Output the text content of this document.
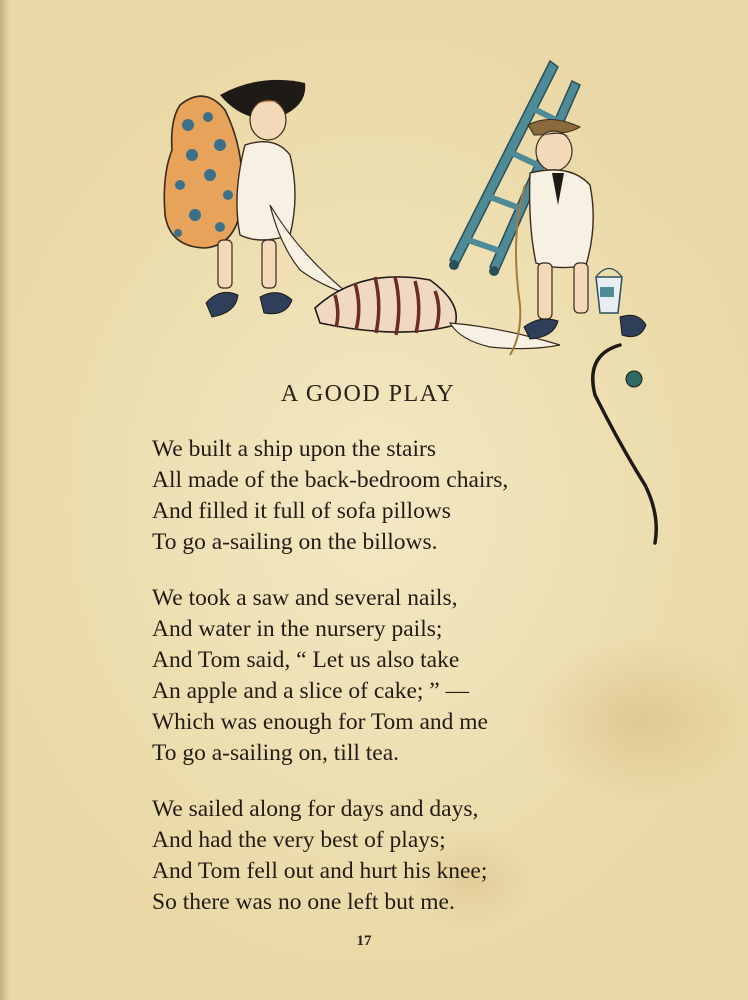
A GOOD PLAY
We built a ship upon the stairs
All made of the back-bedroom chairs,
And filled it full of sofa pillows
To go a-sailing on the billows.
We took a saw and several nails,
And water in the nursery pails;
And Tom said, “ Let us also take
An apple and a slice of cake; ” —
Which was enough for Tom and me
To go a-sailing on, till tea.
We sailed along for days and days,
And had the very best of plays;
And Tom fell out and hurt his knee;
So there was no one left but me.
17
